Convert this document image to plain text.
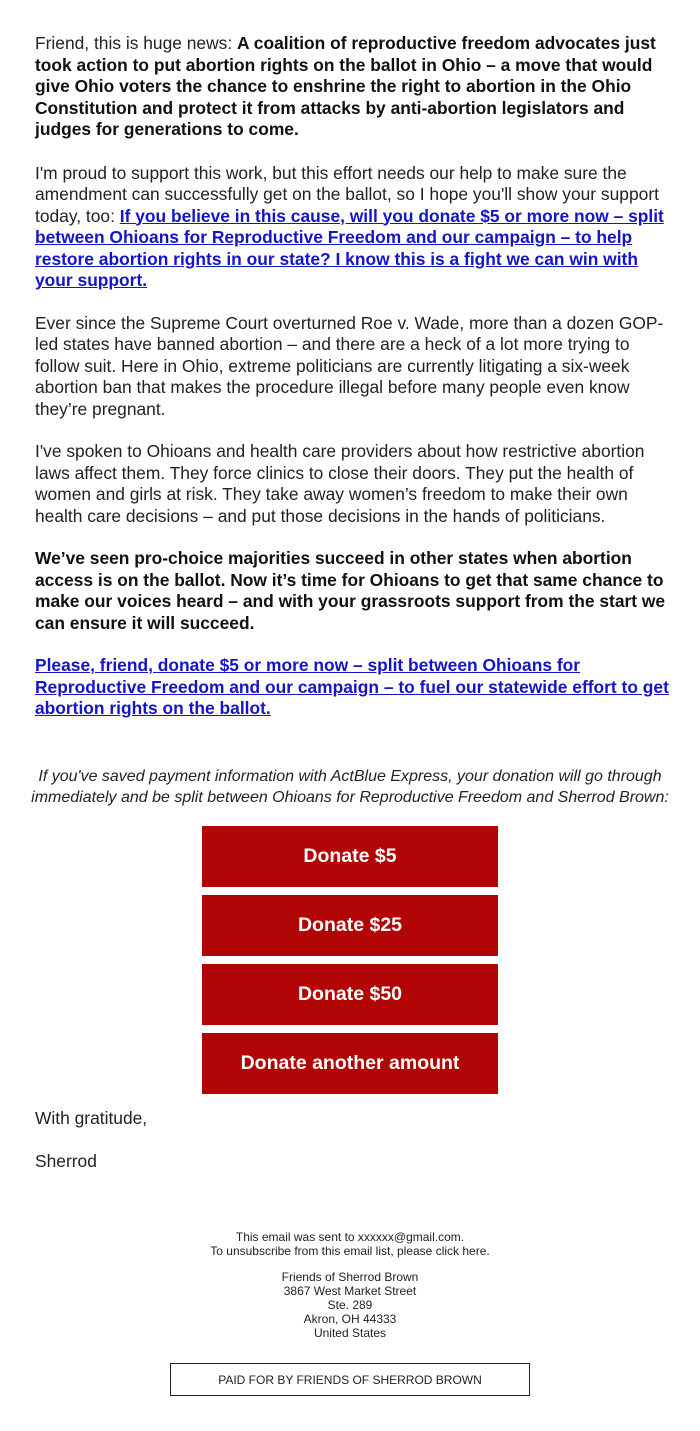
Friend, this is huge news: A coalition of reproductive freedom advocates just took action to put abortion rights on the ballot in Ohio – a move that would give Ohio voters the chance to enshrine the right to abortion in the Ohio Constitution and protect it from attacks by anti-abortion legislators and judges for generations to come.

I'm proud to support this work, but this effort needs our help to make sure the amendment can successfully get on the ballot, so I hope you'll show your support today, too: If you believe in this cause, will you donate $5 or more now – split between Ohioans for Reproductive Freedom and our campaign – to help restore abortion rights in our state? I know this is a fight we can win with your support.

Ever since the Supreme Court overturned Roe v. Wade, more than a dozen GOP-led states have banned abortion – and there are a heck of a lot more trying to follow suit. Here in Ohio, extreme politicians are currently litigating a six-week abortion ban that makes the procedure illegal before many people even know they’re pregnant.

I've spoken to Ohioans and health care providers about how restrictive abortion laws affect them. They force clinics to close their doors. They put the health of women and girls at risk. They take away women’s freedom to make their own health care decisions – and put those decisions in the hands of politicians.

We’ve seen pro-choice majorities succeed in other states when abortion access is on the ballot. Now it’s time for Ohioans to get that same chance to make our voices heard – and with your grassroots support from the start we can ensure it will succeed.

Please, friend, donate $5 or more now – split between Ohioans for Reproductive Freedom and our campaign – to fuel our statewide effort to get abortion rights on the ballot.

If you've saved payment information with ActBlue Express, your donation will go through immediately and be split between Ohioans for Reproductive Freedom and Sherrod Brown:
Donate $5
Donate $25
Donate $50
Donate another amount
With gratitude,
Sherrod
This email was sent to xxxxxx@gmail.com.
To unsubscribe from this email list, please click here.
Friends of Sherrod Brown
3867 West Market Street
Ste. 289
Akron, OH 44333
United States
PAID FOR BY FRIENDS OF SHERROD BROWN
